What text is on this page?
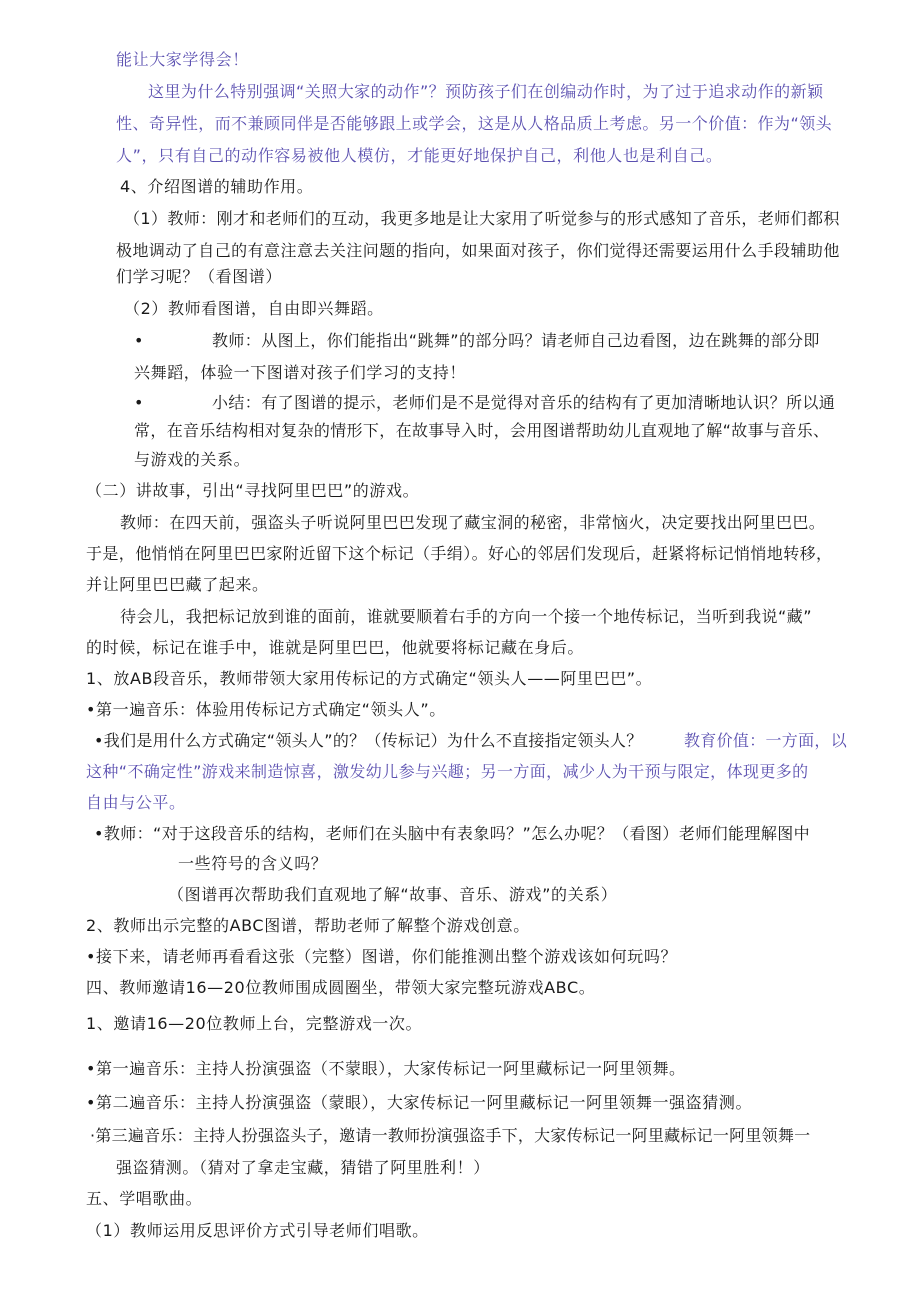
能让大家学得会！
这里为什么特别强调“关照大家的动作”？预防孩子们在创编动作时，为了过于追求动作的新颖
性、奇异性，而不兼顾同伴是否能够跟上或学会，这是从人格品质上考虑。另一个价值：作为“领头
人”，只有自己的动作容易被他人模仿，才能更好地保护自己，利他人也是利自己。
4、介绍图谱的辅助作用。
（1）教师：刚才和老师们的互动，我更多地是让大家用了听觉参与的形式感知了音乐，老师们都积
极地调动了自己的有意注意去关注问题的指向，如果面对孩子，你们觉得还需要运用什么手段辅助他
们学习呢？（看图谱）
（2）教师看图谱，自由即兴舞蹈。
•	教师：从图上，你们能指出“跳舞”的部分吗？请老师自己边看图，边在跳舞的部分即
兴舞蹈，体验一下图谱对孩子们学习的支持！
•	小结：有了图谱的提示，老师们是不是觉得对音乐的结构有了更加清晰地认识？所以通
常，在音乐结构相对复杂的情形下，在故事导入时，会用图谱帮助幼儿直观地了解“故事与音乐、
与游戏的关系。
（二）讲故事，引出“寻找阿里巴巴”的游戏。
教师：在四天前，强盗头子听说阿里巴巴发现了藏宝洞的秘密，非常恼火，决定要找出阿里巴巴。
于是，他悄悄在阿里巴巴家附近留下这个标记（手绢）。好心的邻居们发现后，赶紧将标记悄悄地转移，
并让阿里巴巴藏了起来。
待会儿，我把标记放到谁的面前，谁就要顺着右手的方向一个接一个地传标记，当听到我说“藏”
的时候，标记在谁手中，谁就是阿里巴巴，他就要将标记藏在身后。
1、放AB段音乐，教师带领大家用传标记的方式确定“领头人——阿里巴巴”。
•第一遍音乐：体验用传标记方式确定“领头人”。
•我们是用什么方式确定“领头人”的？（传标记）为什么不直接指定领头人？	教育价值：一方面，以
这种“不确定性”游戏来制造惊喜，激发幼儿参与兴趣；另一方面，减少人为干预与限定，体现更多的
自由与公平。
•教师：“对于这段音乐的结构，老师们在头脑中有表象吗？”怎么办呢？（看图）老师们能理解图中
一些符号的含义吗？
（图谱再次帮助我们直观地了解“故事、音乐、游戏”的关系）
2、教师出示完整的ABC图谱，帮助老师了解整个游戏创意。
•接下来，请老师再看看这张（完整）图谱，你们能推测出整个游戏该如何玩吗？
四、教师邀请16—20位教师围成圆圈坐，带领大家完整玩游戏ABC。
1、邀请16—20位教师上台，完整游戏一次。
•第一遍音乐：主持人扮演强盗（不蒙眼），大家传标记一阿里藏标记一阿里领舞。
•第二遍音乐：主持人扮演强盗（蒙眼），大家传标记一阿里藏标记一阿里领舞一强盗猜测。
·第三遍音乐：主持人扮强盗头子，邀请一教师扮演强盗手下，大家传标记一阿里藏标记一阿里领舞一
强盗猜测。（猜对了拿走宝藏，猜错了阿里胜利！）
五、学唱歌曲。
（1）教师运用反思评价方式引导老师们唱歌。
